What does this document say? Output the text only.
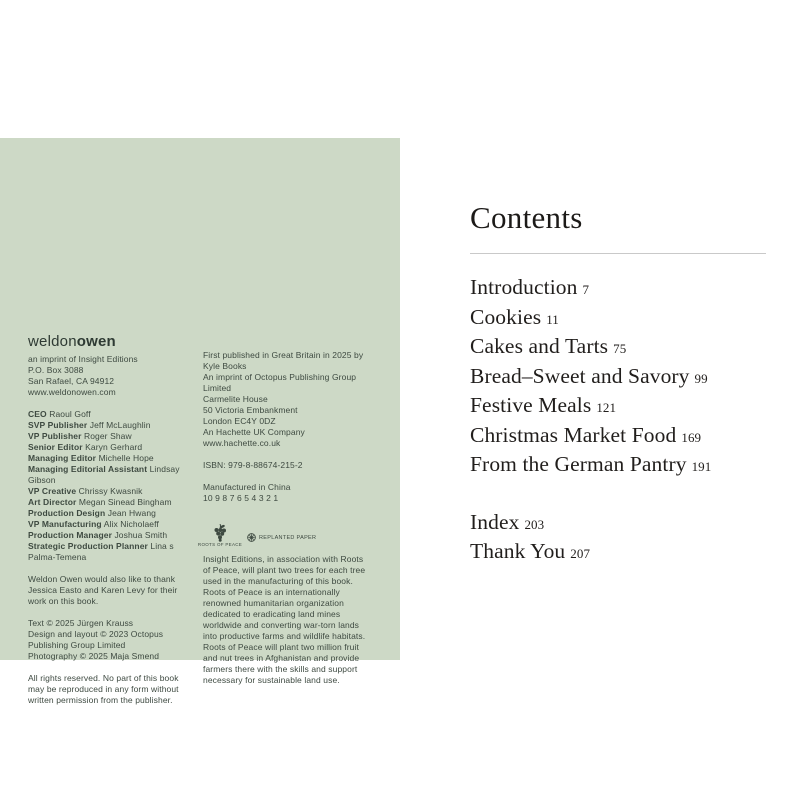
weldonowen
an imprint of Insight Editions
P.O. Box 3088
San Rafael, CA 94912
www.weldonowen.com
CEO Raoul Goff
SVP Publisher Jeff McLaughlin
VP Publisher Roger Shaw
Senior Editor Karyn Gerhard
Managing Editor Michelle Hope
Managing Editorial Assistant Lindsay Gibson
VP Creative Chrissy Kwasnik
Art Director Megan Sinead Bingham
Production Design Jean Hwang
VP Manufacturing Alix Nicholaeff
Production Manager Joshua Smith
Strategic Production Planner Lina s Palma-Temena
Weldon Owen would also like to thank Jessica Easto and Karen Levy for their work on this book.
Text © 2025 Jürgen Krauss
Design and layout © 2023 Octopus Publishing Group Limited
Photography © 2025 Maja Smend
All rights reserved. No part of this book may be reproduced in any form without written permission from the publisher.
First published in Great Britain in 2025 by Kyle Books
An imprint of Octopus Publishing Group Limited
Carmelite House
50 Victoria Embankment
London EC4Y 0DZ
An Hachette UK Company
www.hachette.co.uk
ISBN: 979-8-88674-215-2
Manufactured in China
10 9 8 7 6 5 4 3 2 1
ROOTS OF PEACE
REPLANTED PAPER
Insight Editions, in association with Roots of Peace, will plant two trees for each tree used in the manufacturing of this book. Roots of Peace is an internationally renowned humanitarian organization dedicated to eradicating land mines worldwide and converting war-torn lands into productive farms and wildlife habitats. Roots of Peace will plant two million fruit and nut trees in Afghanistan and provide farmers there with the skills and support necessary for sustainable land use.
Contents
Introduction 7
Cookies 11
Cakes and Tarts 75
Bread–Sweet and Savory 99
Festive Meals 121
Christmas Market Food 169
From the German Pantry 191
Index 203
Thank You 207
